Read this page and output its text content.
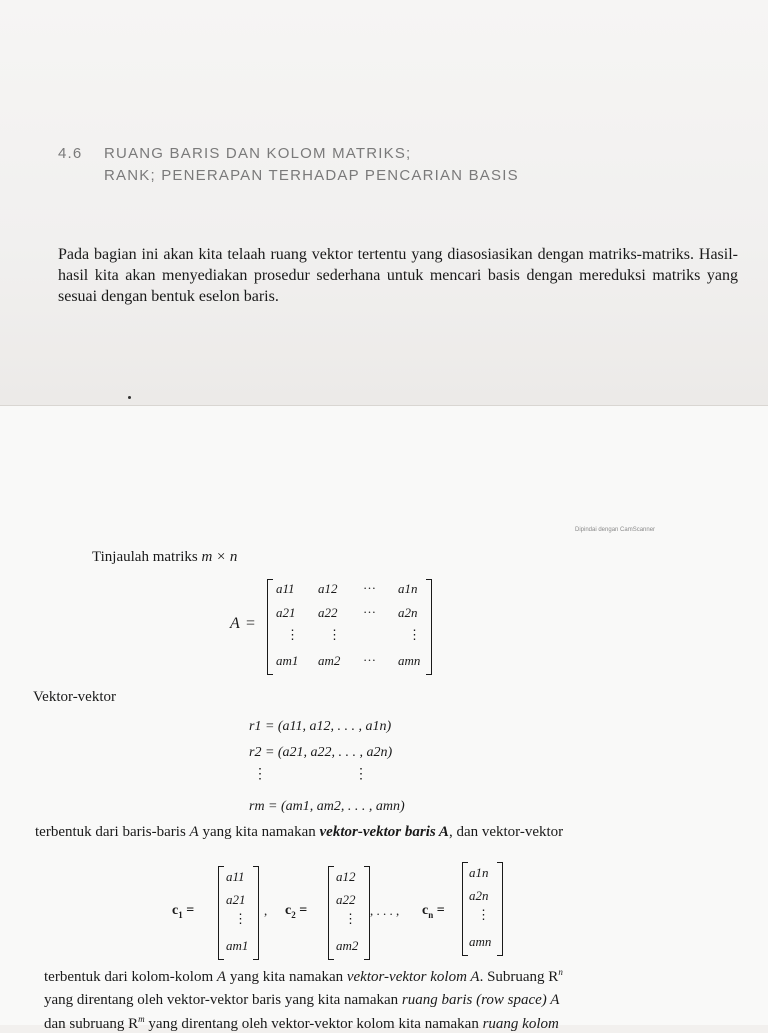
4.6 RUANG BARIS DAN KOLOM MATRIKS;
RANK; PENERAPAN TERHADAP PENCARIAN BASIS
Pada bagian ini akan kita telaah ruang vektor tertentu yang diasosiasikan dengan matriks-matriks. Hasil-hasil kita akan menyediakan prosedur sederhana untuk mencari basis dengan mereduksi matriks yang sesuai dengan bentuk eselon baris.
Dipindai dengan CamScanner
Tinjaulah matriks m × n
A =
a11 a12 … a1n
a21 a22 … a2n
⋮ ⋮	⋮
am1 am2 … amn
Vektor-vektor
r1 = (a11, a12, . . . , a1n)
r2 = (a21, a22, . . . , a2n)
⋮	⋮
rm = (am1, am2, . . . , amn)
terbentuk dari baris-baris A yang kita namakan vektor-vektor baris A, dan vektor-vektor
$c_1$ =
a11
a21
⋮
am1
, $c_2$ =
a12
a22
⋮
am2
, . . . , $c_n$ =
a1n
a2n
⋮
amn
terbentuk dari kolom-kolom A yang kita namakan vektor-vektor kolom A. Subruang $R^n$
yang direntang oleh vektor-vektor baris yang kita namakan ruang baris (row space) A
dan subruang $R^m$ yang direntang oleh vektor-vektor kolom kita namakan ruang kolom
